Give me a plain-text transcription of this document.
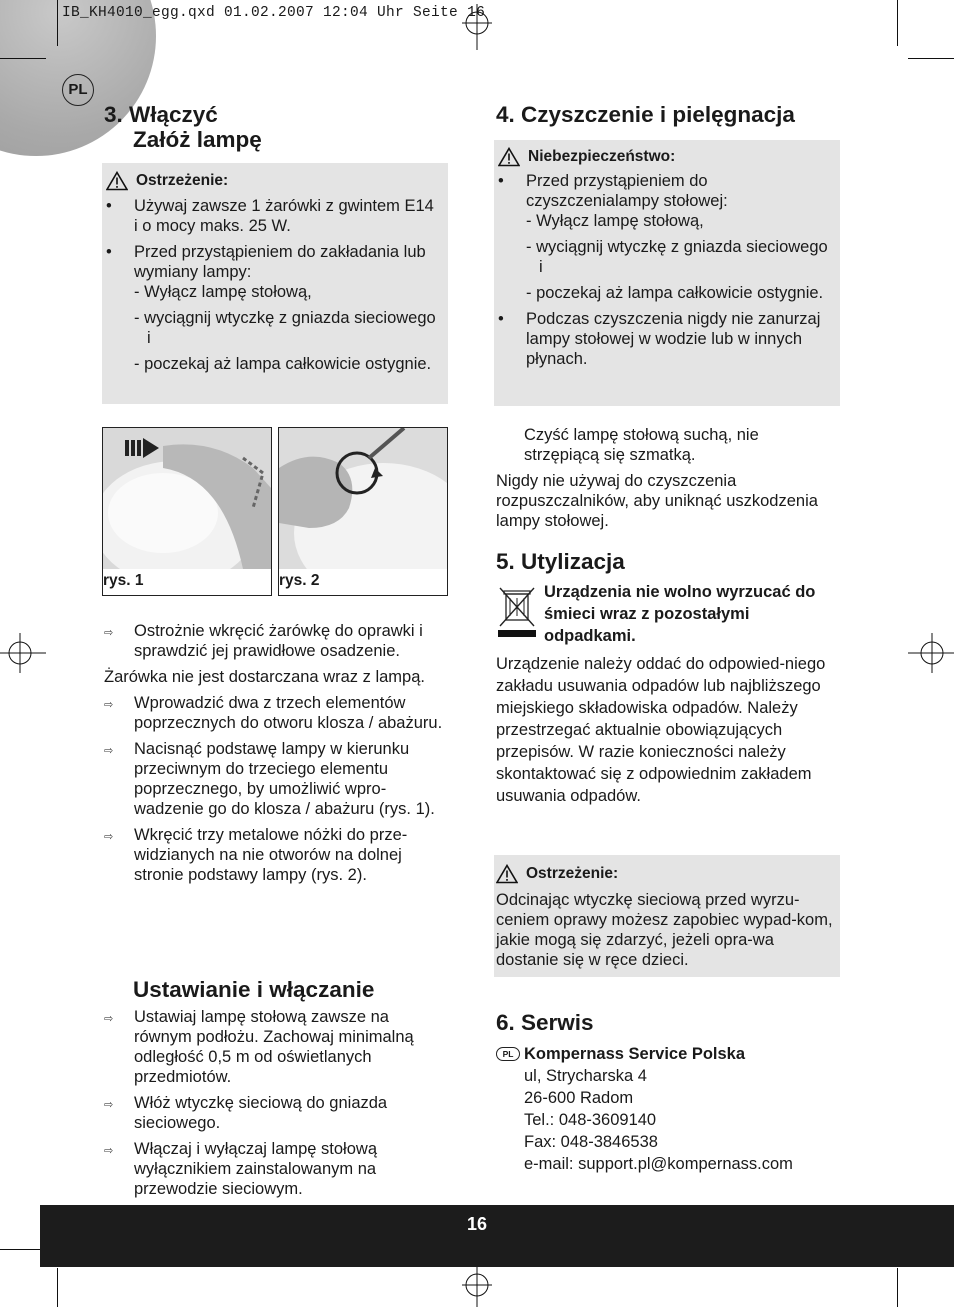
PL
IB_KH4010_egg.qxd 01.02.2007 12:04 Uhr Seite 16
3. Włączyć
Załóż lampę
Ostrzeżenie:
•	Używaj zawsze 1 żarówki z gwintem E14 i o mocy maks. 25 W.
•	Przed przystąpieniem do zakładania lub wymiany lampy:
- Wyłącz lampę stołową,
- wyciągnij wtyczkę z gniazda sieciowego i
- poczekaj aż lampa całkowicie ostygnie.
rys. 1	rys. 2
⇨	Ostrożnie wkręcić żarówkę do oprawki i sprawdzić jej prawidłowe osadzenie.
Żarówka nie jest dostarczana wraz z lampą.
⇨	Wprowadzić dwa z trzech elementów poprzecznych do otworu klosza / abażuru.
⇨	Nacisnąć podstawę lampy w kierunku przeciwnym do trzeciego elementu poprzecznego, by umożliwić wpro-wadzenie go do klosza / abażuru (rys. 1).
⇨	Wkręcić trzy metalowe nóżki do prze-widzianych na nie otworów na dolnej stronie podstawy lampy (rys. 2).
Ustawianie i włączanie
⇨	Ustawiaj lampę stołową zawsze na równym podłożu. Zachowaj minimalną odległość 0,5 m od oświetlanych przedmiotów.
⇨	Włóż wtyczkę sieciową do gniazda sieciowego.
⇨	Włączaj i wyłączaj lampę stołową wyłącznikiem zainstalowanym na przewodzie sieciowym.
4. Czyszczenie i pielęgnacja
Niebezpieczeństwo:
•	Przed przystąpieniem do czyszczenialampy stołowej:
- Wyłącz lampę stołową,
- wyciągnij wtyczkę z gniazda sieciowego i
- poczekaj aż lampa całkowicie ostygnie.
•	Podczas czyszczenia nigdy nie zanurzaj lampy stołowej w wodzie lub w innych płynach.
Czyść lampę stołową suchą, nie strzępiącą się szmatką.
Nigdy nie używaj do czyszczenia rozpuszczalników, aby uniknąć uszkodzenia lampy stołowej.
5. Utylizacja
Urządzenia nie wolno wyrzucać do śmieci wraz z pozostałymi odpadkami.
Urządzenie należy oddać do odpowied-niego zakładu usuwania odpadów lub najbliższego miejskiego składowiska odpadów. Należy przestrzegać aktualnie obowiązujących przepisów. W razie konieczności należy skontaktować się z odpowiednim zakładem usuwania odpadów.
Ostrzeżenie:
Odcinając wtyczkę sieciową przed wyrzu-ceniem oprawy możesz zapobiec wypad-kom, jakie mogą się zdarzyć, jeżeli opra-wa dostanie się w ręce dzieci.
6. Serwis
PL Kompernass Service Polska
ul, Strycharska 4
26-600 Radom
Tel.: 048-3609140
Fax: 048-3846538
e-mail: support.pl@kompernass.com
16
